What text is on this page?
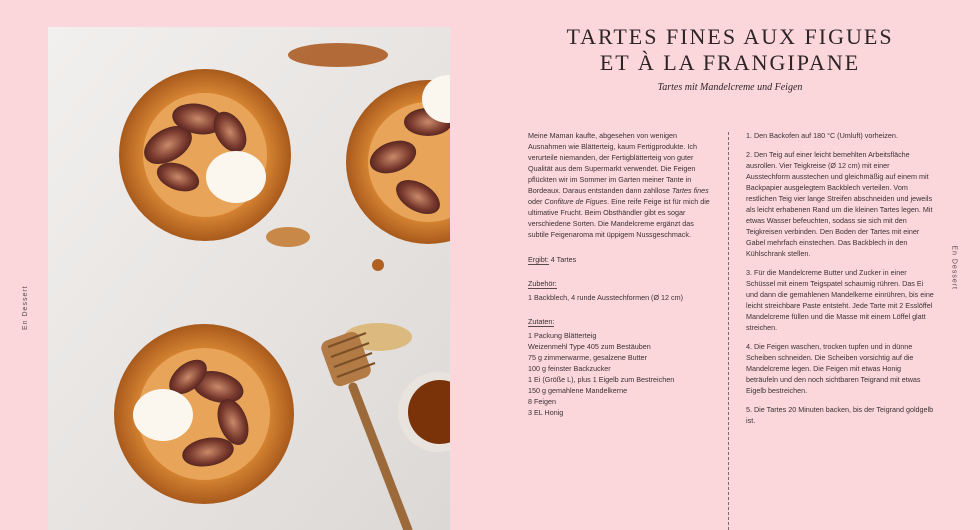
En Dessert
En Dessert
TARTES FINES AUX FIGUES
ET À LA FRANGIPANE
Tartes mit Mandelcreme und Feigen

Meine Maman kaufte, abgesehen von wenigen Ausnahmen wie Blätterteig, kaum Fertigprodukte. Ich verurteile niemanden, der Fertigblätterteig von guter Qualität aus dem Supermarkt verwendet. Die Feigen pflückten wir im Sommer im Garten meiner Tante in Bordeaux. Daraus entstanden dann zahllose Tartes fines oder Confiture de Figues. Eine reife Feige ist für mich die ultimative Frucht. Beim Obsthändler gibt es sogar verschiedene Sorten. Die Mandelcreme ergänzt das subtile Feigenaroma mit üppigem Nussgeschmack.

Ergibt: 4 Tartes
Zubehör:
1 Backblech, 4 runde Ausstechformen (Ø 12 cm)
Zutaten:
1 Packung Blätterteig
Weizenmehl Type 405 zum Bestäuben
75 g zimmerwarme, gesalzene Butter
100 g feinster Backzucker
1 Ei (Größe L), plus 1 Eigelb zum Bestreichen
150 g gemahlene Mandelkerne
8 Feigen
3 EL Honig

1. Den Backofen auf 180 °C (Umluft) vorheizen.

2. Den Teig auf einer leicht bemehlten Arbeitsfläche ausrollen. Vier Teigkreise (Ø 12 cm) mit einer Ausstechform ausstechen und gleichmäßig auf einem mit Backpapier ausgelegtem Backblech verteilen. Vom restlichen Teig vier lange Streifen abschneiden und jeweils als leicht erhabenen Rand um die kleinen Tartes legen. Mit etwas Wasser befeuchten, sodass sie sich mit den Teigkreisen verbinden. Den Boden der Tartes mit einer Gabel mehrfach einstechen. Das Backblech in den Kühlschrank stellen.

3. Für die Mandelcreme Butter und Zucker in einer Schüssel mit einem Teigspatel schaumig rühren. Das Ei und dann die gemahlenen Mandelkerne einrühren, bis eine leicht streichbare Paste entsteht. Jede Tarte mit 2 Esslöffel Mandelcreme füllen und die Masse mit einem Löffel glatt streichen.

4. Die Feigen waschen, trocken tupfen und in dünne Scheiben schneiden. Die Scheiben vorsichtig auf die Mandelcreme legen. Die Feigen mit etwas Honig beträufeln und den noch sichtbaren Teigrand mit etwas Eigelb bestreichen.

5. Die Tartes 20 Minuten backen, bis der Teigrand goldgelb ist.
